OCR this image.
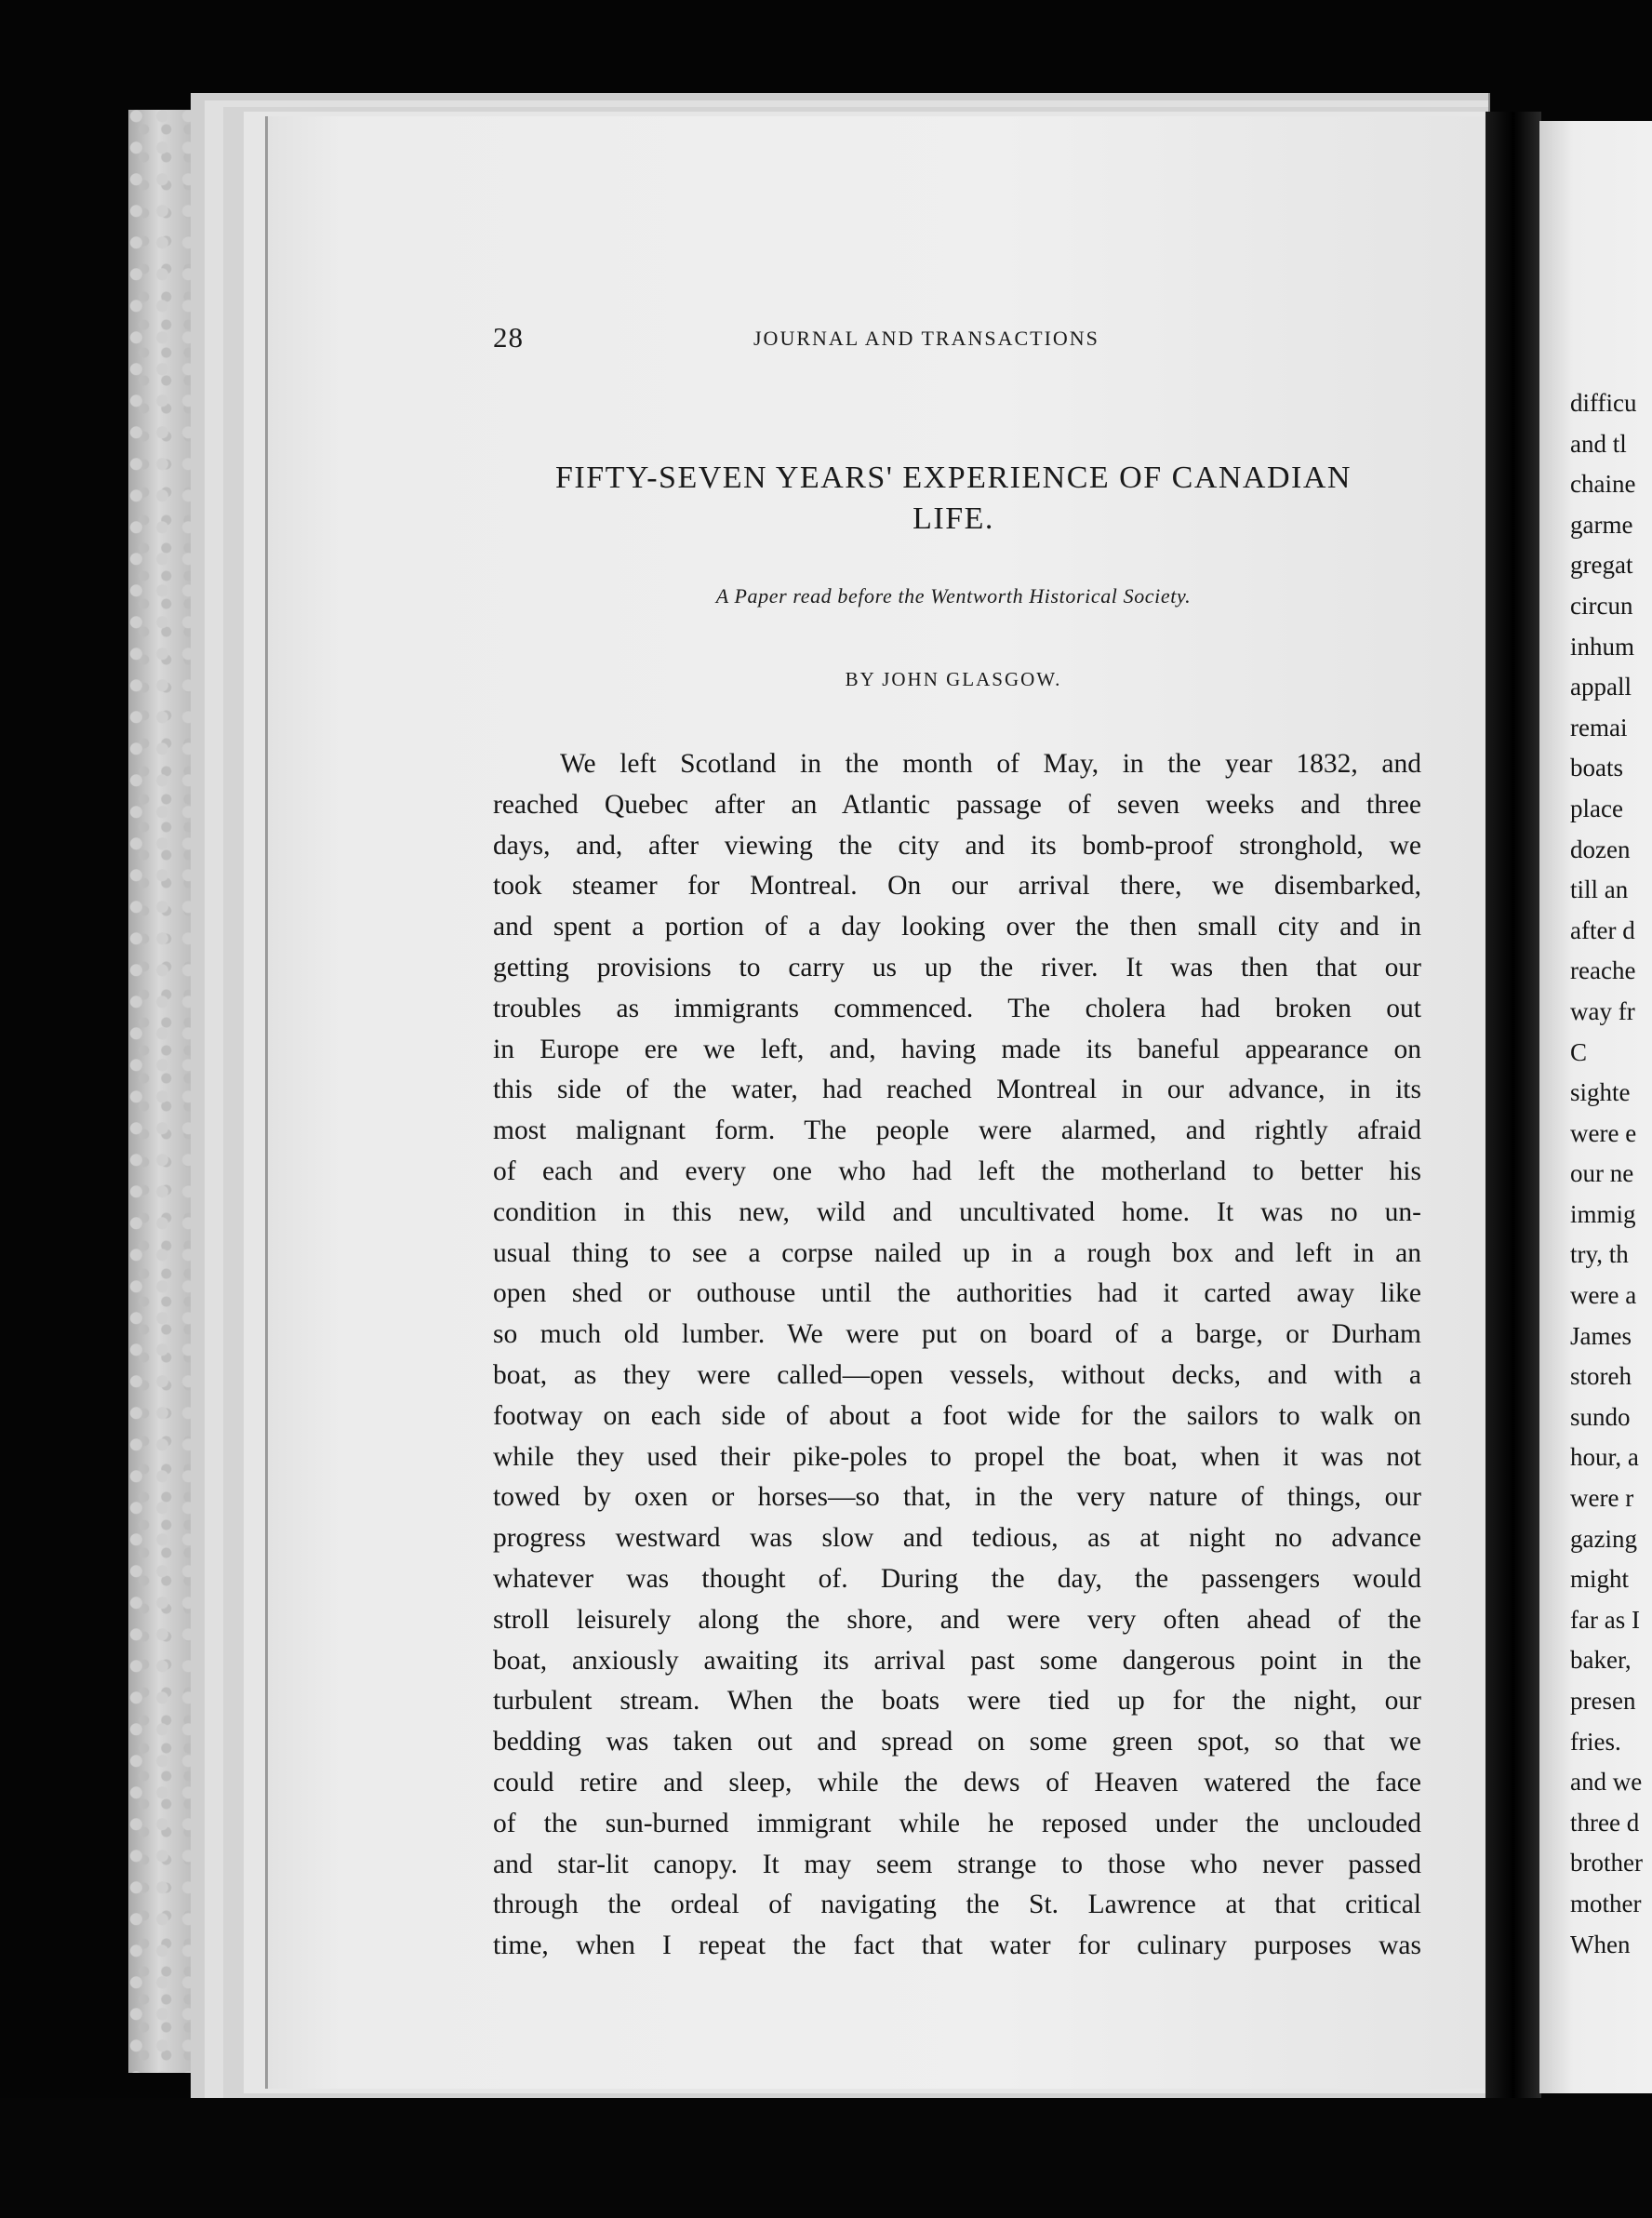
28	JOURNAL AND TRANSACTIONS
FIFTY-SEVEN YEARS' EXPERIENCE OF CANADIAN
LIFE.
A Paper read before the Wentworth Historical Society.
BY JOHN GLASGOW.
We left Scotland in the month of May, in the year 1832, and
reached Quebec after an Atlantic passage of seven weeks and three
days, and, after viewing the city and its bomb-proof stronghold, we
took steamer for Montreal. On our arrival there, we disembarked,
and spent a portion of a day looking over the then small city and in
getting provisions to carry us up the river. It was then that our
troubles as immigrants commenced. The cholera had broken out
in Europe ere we left, and, having made its baneful appearance on
this side of the water, had reached Montreal in our advance, in its
most malignant form. The people were alarmed, and rightly afraid
of each and every one who had left the motherland to better his
condition in this new, wild and uncultivated home. It was no un-
usual thing to see a corpse nailed up in a rough box and left in an
open shed or outhouse until the authorities had it carted away like
so much old lumber. We were put on board of a barge, or Durham
boat, as they were called—open vessels, without decks, and with a
footway on each side of about a foot wide for the sailors to walk on
while they used their pike-poles to propel the boat, when it was not
towed by oxen or horses—so that, in the very nature of things, our
progress westward was slow and tedious, as at night no advance
whatever was thought of. During the day, the passengers would
stroll leisurely along the shore, and were very often ahead of the
boat, anxiously awaiting its arrival past some dangerous point in the
turbulent stream. When the boats were tied up for the night, our
bedding was taken out and spread on some green spot, so that we
could retire and sleep, while the dews of Heaven watered the face
of the sun-burned immigrant while he reposed under the unclouded
and star-lit canopy. It may seem strange to those who never passed
through the ordeal of navigating the St. Lawrence at that critical
time, when I repeat the fact that water for culinary purposes was
difficu
and tl
chaine
garme
gregat
circun
inhum
appall
remai
boats
place
dozen
till an
after d
reache
way fr
C
sighte
were e
our ne
immig
try, th
were a
James
storeh
sundo
hour, a
were r
gazing
might
far as I
baker,
presen
fries.
and we
three d
brother
mother
When
